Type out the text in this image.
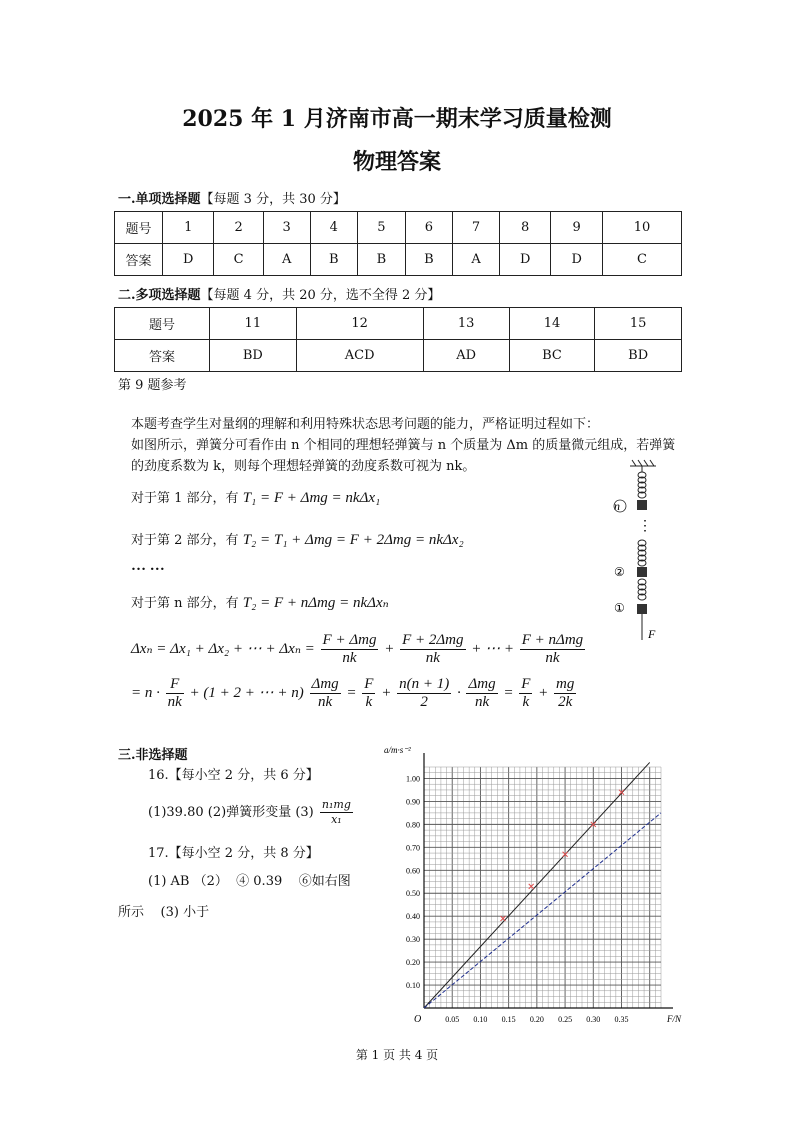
2025 年 1 月济南市高一期末学习质量检测
物理答案
一.单项选择题【每题 3 分，共 30 分】
题号	1	2	3	4	5	6	7	8	9	10
答案	D	C	A	B	B	B	A	D	D	C
二.多项选择题【每题 4 分，共 20 分，选不全得 2 分】
题号	11	12	13	14	15
答案	BD	ACD	AD	BC	BD
第 9 题参考
本题考查学生对量纲的理解和利用特殊状态思考问题的能力，严格证明过程如下：
如图所示，弹簧分可看作由 n 个相同的理想轻弹簧与 n 个质量为 Δm 的质量微元组成，若弹簧
的劲度系数为 k，则每个理想轻弹簧的劲度系数可视为 nk。
对于第 1 部分，有 T₁ = F + Δmg = nkΔx₁
对于第 2 部分，有 T₂ = T₁ + Δmg = F + 2Δmg = nkΔx₂
… …
对于第 n 部分，有 T₂ = F + nΔmg = nkΔxₙ
Δxₙ = Δx₁ + Δx₂ + ⋯ + $\Delta x_n = \frac{\text{F + Δmg}}{nk} + \frac{\text{F + 2Δmg}}{nk}$ + ⋯ + $\frac{\text{F + nΔmg}}{nk}$
= $n \cdot \frac{F}{nk} + (1 + 2$ + ⋯ + $n) \frac{\text{Δmg}}{nk} = \frac{F}{k} + \frac{n(n + 1)}{2} \cdot \frac{\text{Δmg}}{nk} = \frac{F}{k} + \frac{mg}{2k}$
n
⋮
②
①
F
三.非选择题
16.【每小空 2 分，共 6 分】
(1)39.80 (2)弹簧形变量 $(3) \frac{\text{n₁mg}}{\text{x₁}}$
17.【每小空 2 分，共 8 分】
(1) AB （2）  ④ 0.39    ⑥如右图
所示    (3) 小于
0.05 0.10 0.15 0.20 0.25 0.30 0.35
0.10
0.20
0.30
0.40
0.50
0.60
0.70
0.80
0.90
1.00
O	F/N
a/m·s⁻²
第 1 页 共 4 页
